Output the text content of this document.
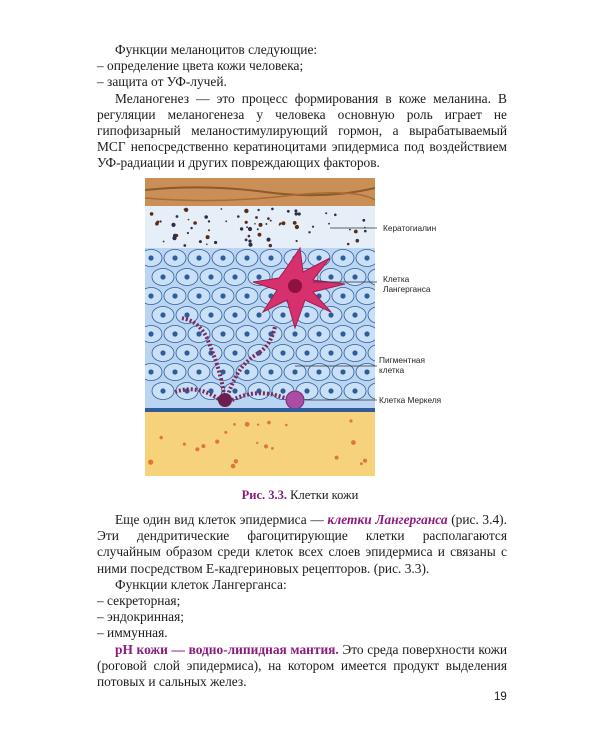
Функции меланоцитов следующие:

– определение цвета кожи человека;

– защита от УФ-лучей.

Меланогенез — это процесс формирования в коже меланина. В регуляции меланогенеза у человека основную роль играет не гипофизарный меланостимулирующий гормон, а вырабатываемый МСГ непосредственно кератиноцитами эпидермиса под воздействием УФ-радиации и других повреждающих факторов.

Кератогиалин
Клетка
Лангерганса
Пигментная
клетка
Клетка Меркеля
Рис. 3.3. Клетки кожи

Еще один вид клеток эпидермиса — клетки Лангерганса (рис. 3.4). Эти дендритические фагоцитирующие клетки располагаются случайным образом среди клеток всех слоев эпидермиса и связаны с ними посредством Е-кадгериновых рецепторов. (рис. 3.3).

Функции клеток Лангерганса:

– секреторная;

– эндокринная;

– иммунная.

pH кожи — водно-липидная мантия. Это среда поверхности кожи (роговой слой эпидермиса), на котором имеется продукт выделения потовых и сальных желез.

19
